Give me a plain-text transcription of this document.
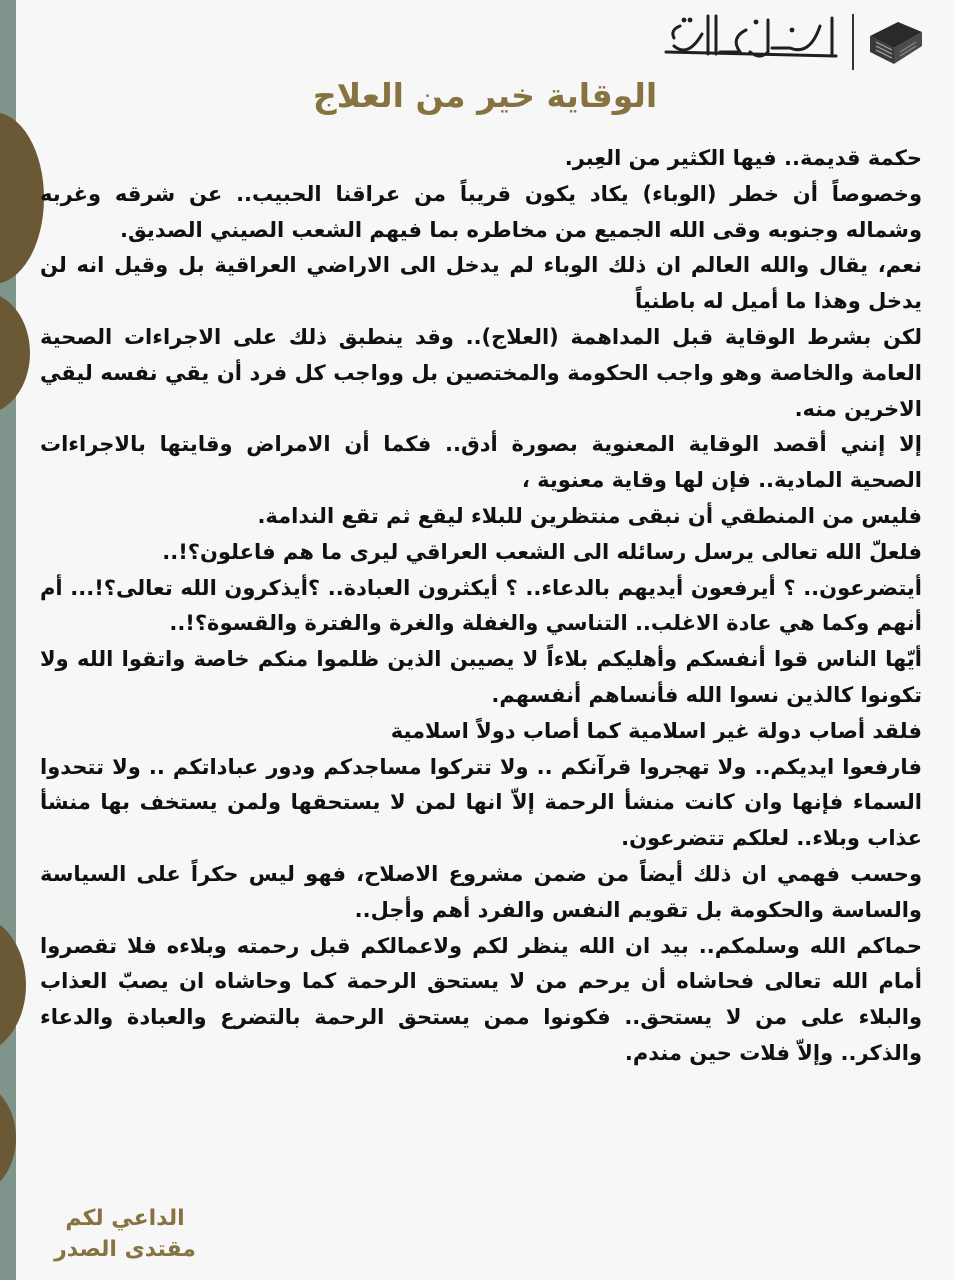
الوقاية خير من العلاج

حكمة قديمة.. فيها الكثير من العِبر.

وخصوصاً أن خطر (الوباء) يكاد يكون قريباً من عراقنا الحبيب.. عن شرقه وغربه وشماله وجنوبه وقى الله الجميع من مخاطره بما فيهم الشعب الصيني الصديق.

نعم، يقال والله العالم ان ذلك الوباء لم يدخل الى الاراضي العراقية بل وقيل انه لن يدخل وهذا ما أميل له باطنياً

لكن بشرط الوقاية قبل المداهمة (العلاج).. وقد ينطبق ذلك على الاجراءات الصحية العامة والخاصة وهو واجب الحكومة والمختصين بل وواجب كل فرد أن يقي نفسه ليقي الاخرين منه.

إلا إنني أقصد الوقاية المعنوية بصورة أدق.. فكما أن الامراض وقايتها بالاجراءات الصحية المادية.. فإن لها وقاية معنوية ،

فليس من المنطقي أن نبقى منتظرين للبلاء ليقع ثم تقع الندامة.

فلعلّ الله تعالى يرسل رسائله الى الشعب العراقي ليرى ما هم فاعلون؟!..

أيتضرعون.. ؟ أيرفعون أيديهم بالدعاء.. ؟ أيكثرون العبادة.. ؟أيذكرون الله تعالى؟!... أم أنهم وكما هي عادة الاغلب.. التناسي والغفلة والغرة والفترة والقسوة؟!..

أيّها الناس قوا أنفسكم وأهليكم بلاءاً لا يصيبن الذين ظلموا منكم خاصة واتقوا الله ولا تكونوا كالذين نسوا الله فأنساهم أنفسهم.

فلقد أصاب دولة غير اسلامية كما أصاب دولاً اسلامية

فارفعوا ايديكم.. ولا تهجروا قرآنكم .. ولا تتركوا مساجدكم ودور عباداتكم .. ولا تتحدوا السماء فإنها وان كانت منشأ الرحمة إلاّ انها لمن لا يستحقها ولمن يستخف بها منشأ عذاب وبلاء.. لعلكم تتضرعون.

وحسب فهمي ان ذلك أيضاً من ضمن مشروع الاصلاح، فهو ليس حكراً على السياسة والساسة والحكومة بل تقويم النفس والفرد أهم وأجل..

حماكم الله وسلمكم.. بيد ان الله ينظر لكم ولاعمالكم قبل رحمته وبلاءه فلا تقصروا أمام الله تعالى فحاشاه أن يرحم من لا يستحق الرحمة كما وحاشاه ان يصبّ العذاب والبلاء على من لا يستحق.. فكونوا ممن يستحق الرحمة بالتضرع والعبادة والدعاء والذكر.. وإلاّ فلات حين مندم.

الداعي لكم
مقتدى الصدر
